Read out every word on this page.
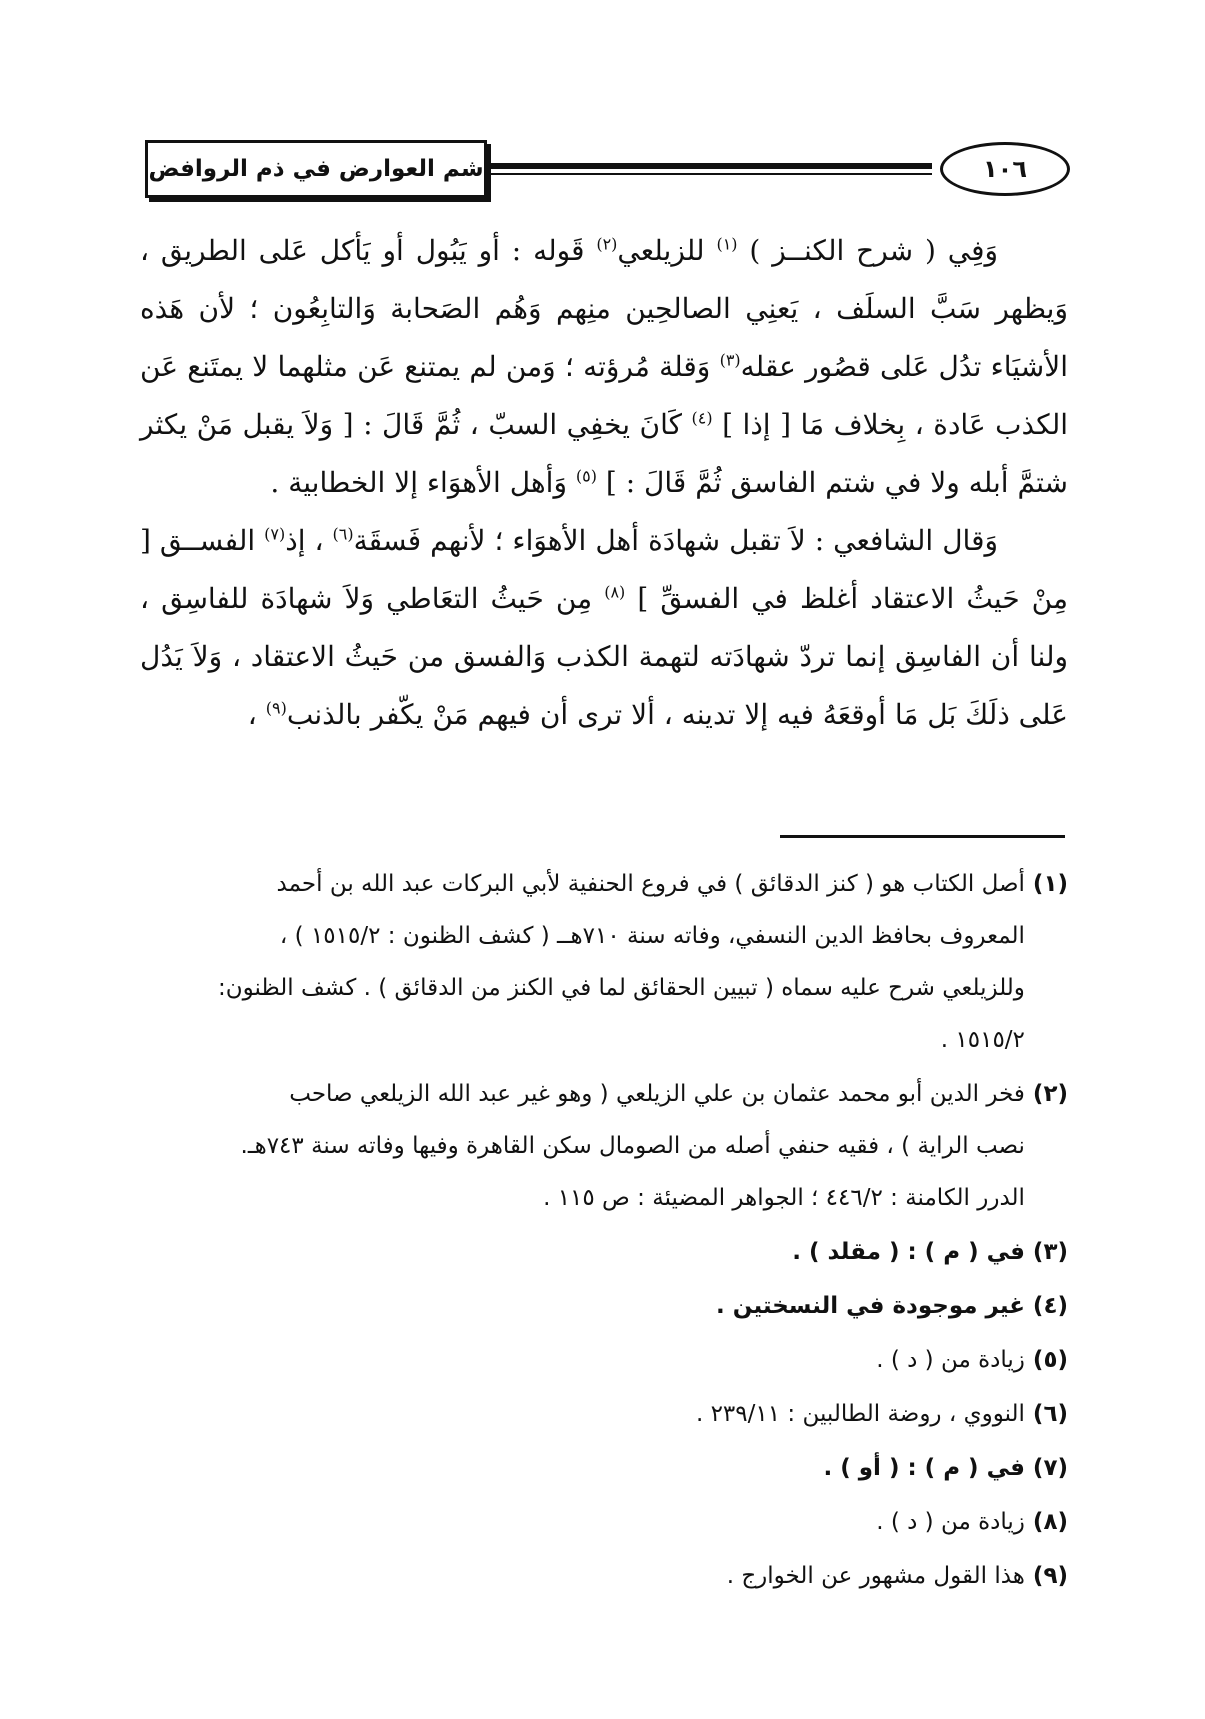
شم العوارض في ذم الروافض	١٠٦

وَفِي ( شرح الكنــز ) $^{(١)}$ للزيلعي$^{(٢)}$ قَوله : أو يَبُول أو يَأكل عَلى الطريق ، وَيظهر سَبَّ السلَف ، يَعنِي الصالحِين منِهم وَهُم الصَحابة وَالتابِعُون ؛ لأن هَذه الأشيَاء تدُل عَلى قصُور عقله$^{(٣)}$ وَقلة مُرؤته ؛ وَمن لم يمتنع عَن مثلهما لا يمتَنع عَن الكذب عَادة ، بِخلاف مَا [ إذا ] $^{(٤)}$ كَانَ يخفِي السبّ ، ثُمَّ قَالَ : [ وَلاَ يقبل مَنْ يكثر شتمَّ أبله ولا في شتم الفاسق ثُمَّ قَالَ : ] $^{(٥)}$ وَأهل الأهوَاء إلا الخطابية .

وَقال الشافعي : لاَ تقبل شهادَة أهل الأهوَاء ؛ لأنهم فَسقَة$^{(٦)}$ ، إذ$^{(٧)}$ الفســق [ مِنْ حَيثُ الاعتقاد أغلظ في الفسقِّ ] $^{(٨)}$ مِن حَيثُ التعَاطي وَلاَ شهادَة للفاسِق ، ولنا أن الفاسِق إنما تردّ شهادَته لتهمة الكذب وَالفسق من حَيثُ الاعتقاد ، وَلاَ يَدُل عَلى ذلَكَ بَل مَا أوقعَهُ فيه إلا تدينه ، ألا ترى أن فيهم مَنْ يكّفر بالذنب$^{(٩)}$ ،

(١)
أصل الكتاب هو ( كنز الدقائق ) في فروع الحنفية لأبي البركات عبد الله بن أحمد
المعروف بحافظ الدين النسفي، وفاته سنة ٧١٠هــ ( كشف الظنون : ١٥١٥/٢ ) ،
وللزيلعي شرح عليه سماه ( تبيين الحقائق لما في الكنز من الدقائق ) . كشف الظنون:
١٥١٥/٢ .
(٢)
فخر الدين أبو محمد عثمان بن علي الزيلعي ( وهو غير عبد الله الزيلعي صاحب
نصب الراية ) ، فقيه حنفي أصله من الصومال سكن القاهرة وفيها وفاته سنة ٧٤٣هـ.
الدرر الكامنة : ٤٤٦/٢ ؛ الجواهر المضيئة : ص ١١٥ .
(٣)
في ( م ) : ( مقلد ) .
(٤)
غير موجودة في النسختين .
(٥)
زيادة من ( د ) .
(٦)
النووي ، روضة الطالبين : ٢٣٩/١١ .
(٧)
في ( م ) : ( أو ) .
(٨)
زيادة من ( د ) .
(٩)
هذا القول مشهور عن الخوارج .
